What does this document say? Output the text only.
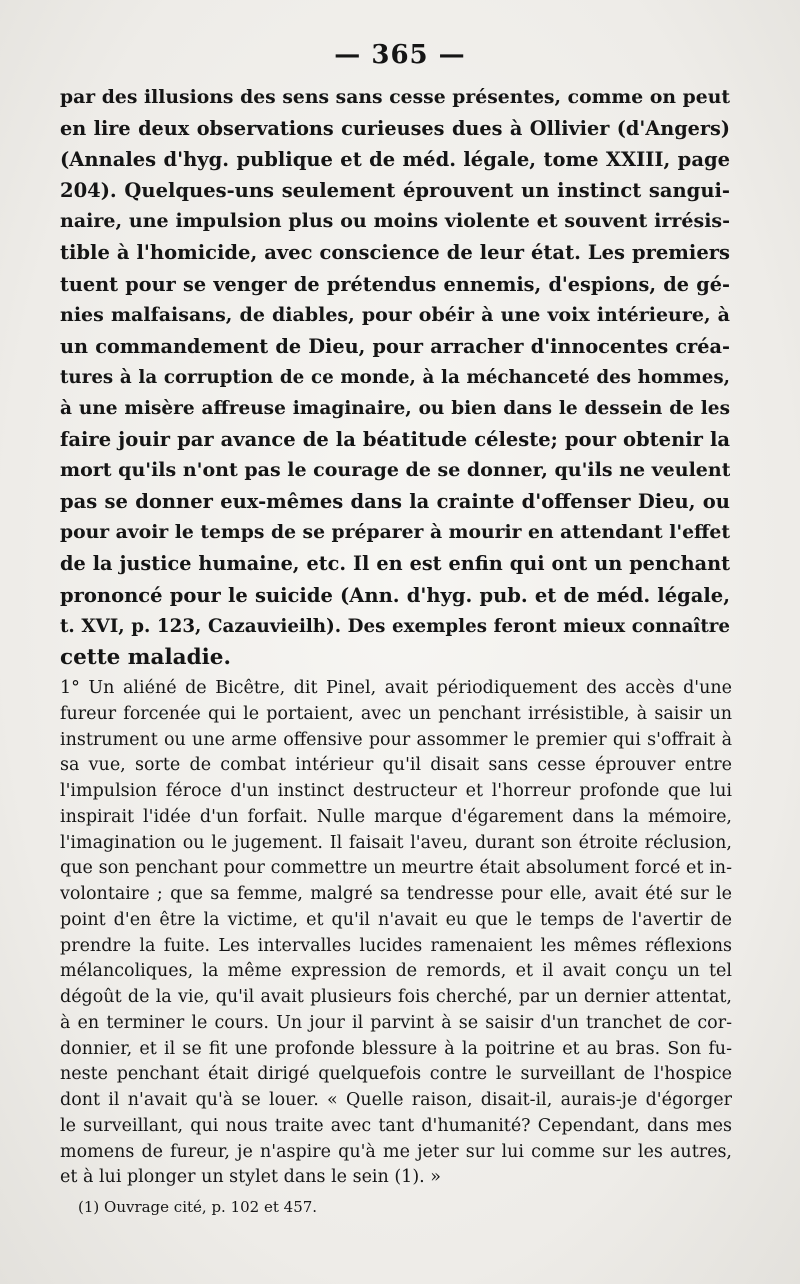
— 365 —
par des illusions des sens sans cesse présentes, comme on peut
en lire deux observations curieuses dues à Ollivier (d'Angers)
(Annales d'hyg. publique et de méd. légale, tome XXIII, page
204). Quelques-uns seulement éprouvent un instinct sangui-
naire, une impulsion plus ou moins violente et souvent irrésis-
tible à l'homicide, avec conscience de leur état. Les premiers
tuent pour se venger de prétendus ennemis, d'espions, de gé-
nies malfaisans, de diables, pour obéir à une voix intérieure, à
un commandement de Dieu, pour arracher d'innocentes créa-
tures à la corruption de ce monde, à la méchanceté des hommes,
à une misère affreuse imaginaire, ou bien dans le dessein de les
faire jouir par avance de la béatitude céleste; pour obtenir la
mort qu'ils n'ont pas le courage de se donner, qu'ils ne veulent
pas se donner eux-mêmes dans la crainte d'offenser Dieu, ou
pour avoir le temps de se préparer à mourir en attendant l'effet
de la justice humaine, etc. Il en est enfin qui ont un penchant
prononcé pour le suicide (Ann. d'hyg. pub. et de méd. légale,
t. XVI, p. 123, Cazauvieilh). Des exemples feront mieux connaître
cette maladie.
1° Un aliéné de Bicêtre, dit Pinel, avait périodiquement des accès d'une
fureur forcenée qui le portaient, avec un penchant irrésistible, à saisir un
instrument ou une arme offensive pour assommer le premier qui s'offrait à
sa vue, sorte de combat intérieur qu'il disait sans cesse éprouver entre
l'impulsion féroce d'un instinct destructeur et l'horreur profonde que lui
inspirait l'idée d'un forfait. Nulle marque d'égarement dans la mémoire,
l'imagination ou le jugement. Il faisait l'aveu, durant son étroite réclusion,
que son penchant pour commettre un meurtre était absolument forcé et in-
volontaire ; que sa femme, malgré sa tendresse pour elle, avait été sur le
point d'en être la victime, et qu'il n'avait eu que le temps de l'avertir de
prendre la fuite. Les intervalles lucides ramenaient les mêmes réflexions
mélancoliques, la même expression de remords, et il avait conçu un tel
dégoût de la vie, qu'il avait plusieurs fois cherché, par un dernier attentat,
à en terminer le cours. Un jour il parvint à se saisir d'un tranchet de cor-
donnier, et il se fit une profonde blessure à la poitrine et au bras. Son fu-
neste penchant était dirigé quelquefois contre le surveillant de l'hospice
dont il n'avait qu'à se louer. « Quelle raison, disait-il, aurais-je d'égorger
le surveillant, qui nous traite avec tant d'humanité? Cependant, dans mes
momens de fureur, je n'aspire qu'à me jeter sur lui comme sur les autres,
et à lui plonger un stylet dans le sein (1). »
(1) Ouvrage cité, p. 102 et 457.
